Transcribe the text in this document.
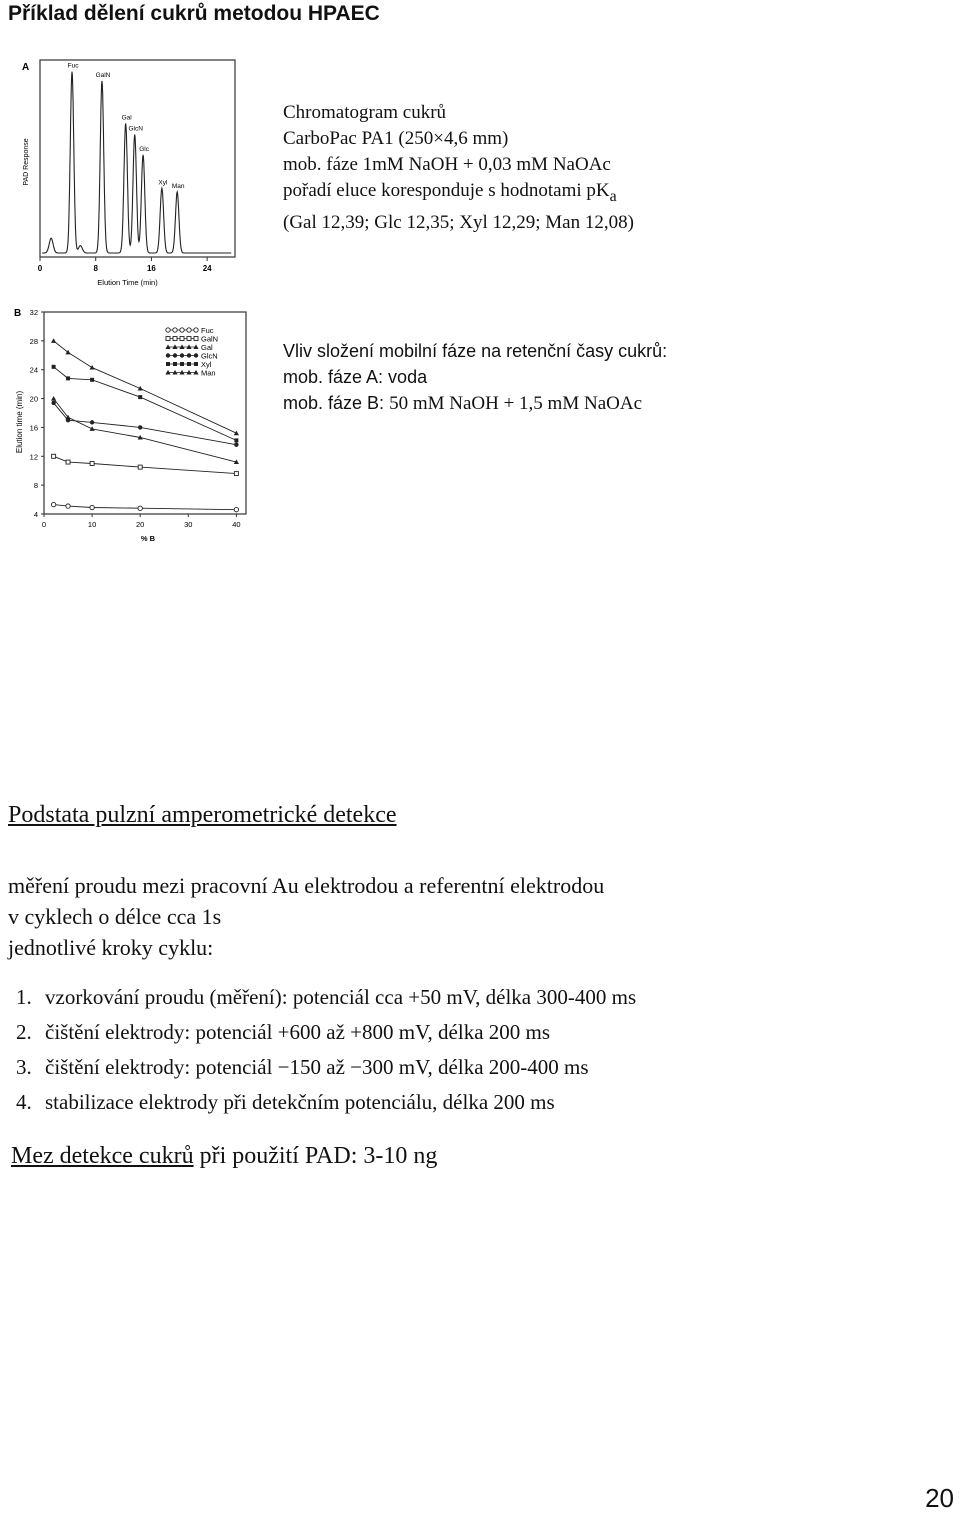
Příklad dělení cukrů metodou HPAEC
A
PAD Response
0	8	16	24
Elution Time (min)
Fuc
GalN
Gal
GlcN
Glc
Xyl
Man
Chromatogram cukrů
CarboPac PA1 (250×4,6 mm)
mob. fáze 1mM NaOH + 0,03 mM NaOAc
pořadí eluce koresponduje s hodnotami $pK_a$
(Gal 12,39; Glc 12,35; Xyl 12,29; Man 12,08)
B
4
8
12
16
20
24
28
32
0	10	20	30	40
% B
Elution time (min)
Fuc
GalN
Gal
GlcN
Xyl
Man
Vliv složení mobilní fáze na retenční časy cukrů:
mob. fáze A: voda
mob. fáze B: 50 mM NaOH + 1,5 mM NaOAc
Podstata pulzní amperometrické detekce
měření proudu mezi pracovní Au elektrodou a referentní elektrodou
v cyklech o délce cca 1s
jednotlivé kroky cyklu:
1. vzorkování proudu (měření): potenciál cca +50 mV, délka 300-400 ms
2. čištění elektrody: potenciál +600 až +800 mV, délka 200 ms
3. čištění elektrody: potenciál −150 až −300 mV, délka 200-400 ms
4. stabilizace elektrody při detekčním potenciálu, délka 200 ms
Mez detekce cukrů při použití PAD: 3-10 ng
20
